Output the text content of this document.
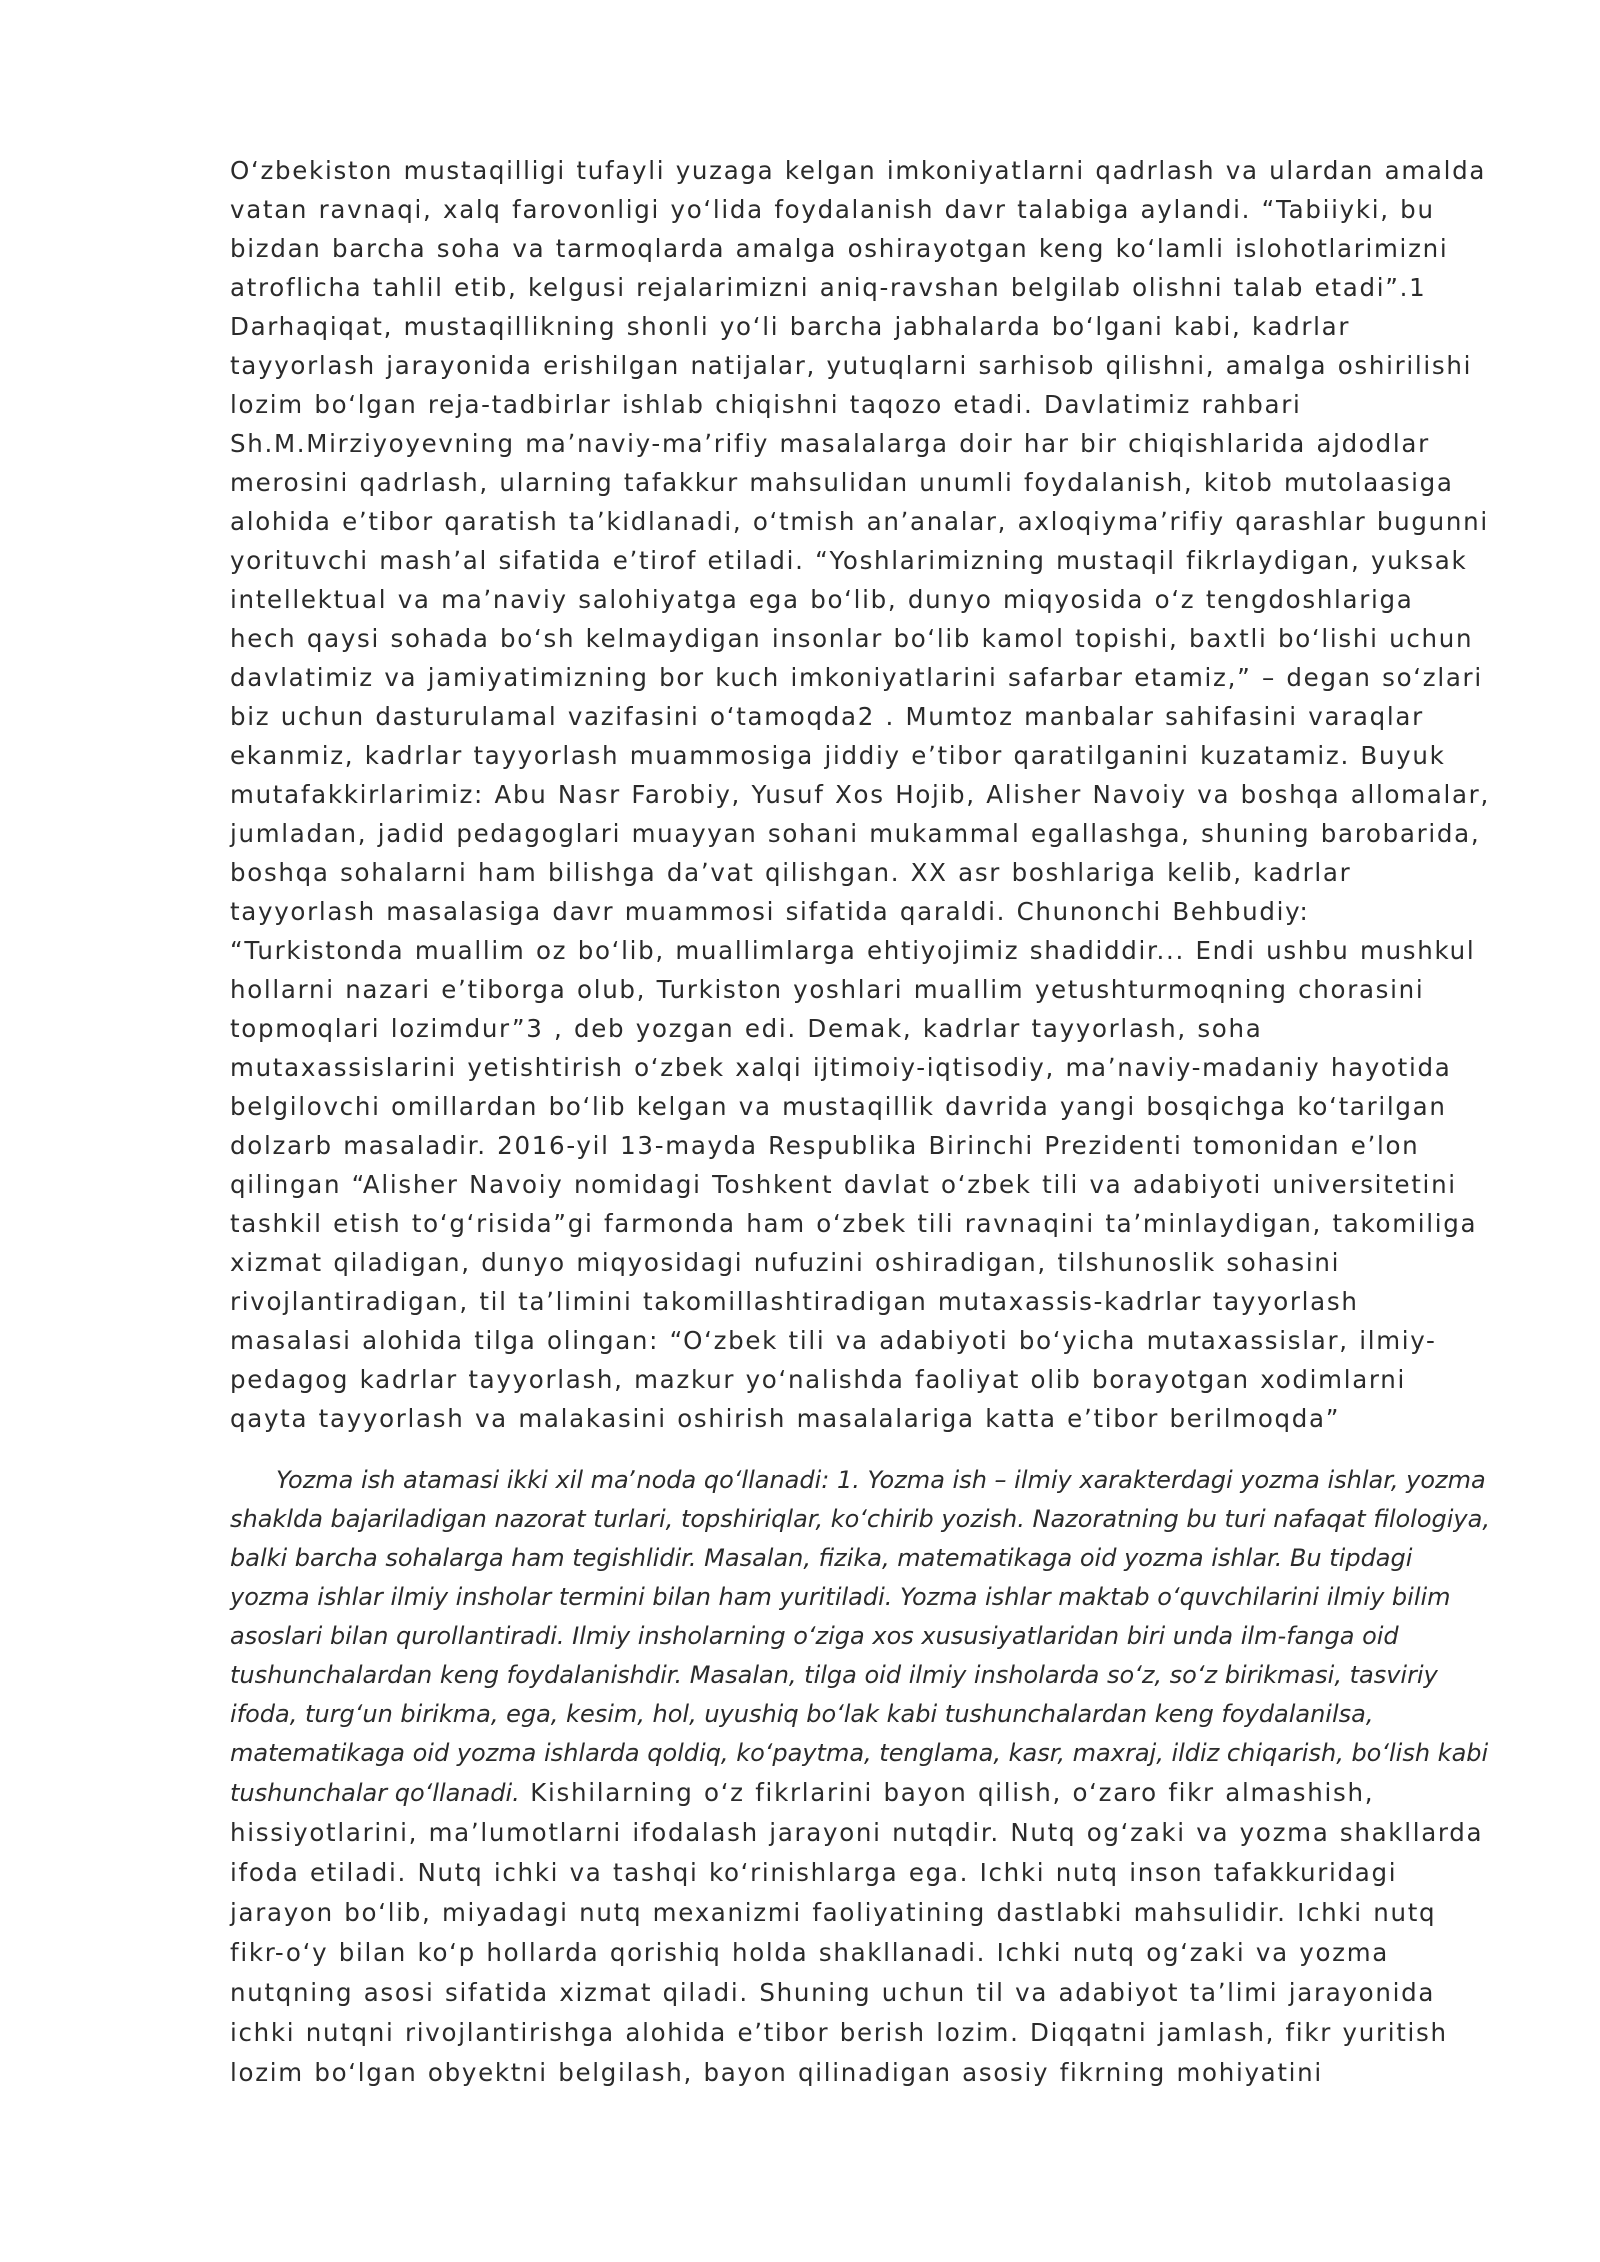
Oʻzbekiston mustaqilligi tufayli yuzaga kelgan imkoniyatlarni qadrlash va ulardan amalda vatan ravnaqi, xalq farovonligi yoʻlida foydalanish davr talabiga aylandi. “Tabiiyki, bu bizdan barcha soha va tarmoqlarda amalga oshirayotgan keng koʻlamli islohotlarimizni atroflicha tahlil etib, kelgusi rejalarimizni aniq-ravshan belgilab olishni talab etadi”.1 Darhaqiqat, mustaqillikning shonli yoʻli barcha jabhalarda boʻlgani kabi, kadrlar tayyorlash jarayonida erishilgan natijalar, yutuqlarni sarhisob qilishni, amalga oshirilishi lozim boʻlgan reja-tadbirlar ishlab chiqishni taqozo etadi. Davlatimiz rahbari Sh.M.Mirziyoyevning maʼnaviy-maʼrifiy masalalarga doir har bir chiqishlarida ajdodlar merosini qadrlash, ularning tafakkur mahsulidan unumli foydalanish, kitob mutolaasiga alohida eʼtibor qaratish taʼkidlanadi, oʻtmish anʼanalar, axloqiymaʼrifiy qarashlar bugunni yorituvchi mashʼal sifatida eʼtirof etiladi. “Yoshlarimizning mustaqil fikrlaydigan, yuksak intellektual va maʼnaviy salohiyatga ega boʻlib, dunyo miqyosida oʻz tengdoshlariga hech qaysi sohada boʻsh kelmaydigan insonlar boʻlib kamol topishi, baxtli boʻlishi uchun davlatimiz va jamiyatimizning bor kuch imkoniyatlarini safarbar etamiz,” – degan soʻzlari biz uchun dasturulamal vazifasini oʻtamoqda2 . Mumtoz manbalar sahifasini varaqlar ekanmiz, kadrlar tayyorlash muammosiga jiddiy eʼtibor qaratilganini kuzatamiz. Buyuk mutafakkirlarimiz: Abu Nasr Farobiy, Yusuf Xos Hojib, Alisher Navoiy va boshqa allomalar, jumladan, jadid pedagoglari muayyan sohani mukammal egallashga, shuning barobarida, boshqa sohalarni ham bilishga daʼvat qilishgan. XX asr boshlariga kelib, kadrlar tayyorlash masalasiga davr muammosi sifatida qaraldi. Chunonchi Behbudiy: “Turkistonda muallim oz boʻlib, muallimlarga ehtiyojimiz shadiddir... Endi ushbu mushkul hollarni nazari eʼtiborga olub, Turkiston yoshlari muallim yetushturmoqning chorasini topmoqlari lozimdur”3 , deb yozgan edi. Demak, kadrlar tayyorlash, soha mutaxassislarini yetishtirish oʻzbek xalqi ijtimoiy-iqtisodiy, maʼnaviy-madaniy hayotida belgilovchi omillardan boʻlib kelgan va mustaqillik davrida yangi bosqichga koʻtarilgan dolzarb masaladir. 2016-yil 13-mayda Respublika Birinchi Prezidenti tomonidan eʼlon qilingan “Alisher Navoiy nomidagi Toshkent davlat oʻzbek tili va adabiyoti universitetini tashkil etish toʻgʻrisida”gi farmonda ham oʻzbek tili ravnaqini taʼminlaydigan, takomiliga xizmat qiladigan, dunyo miqyosidagi nufuzini oshiradigan, tilshunoslik sohasini rivojlantiradigan, til taʼlimini takomillashtiradigan mutaxassis-kadrlar tayyorlash masalasi alohida tilga olingan: “Oʻzbek tili va adabiyoti boʻyicha mutaxassislar, ilmiy-pedagog kadrlar tayyorlash, mazkur yoʻnalishda faoliyat olib borayotgan xodimlarni qayta tayyorlash va malakasini oshirish masalalariga katta eʼtibor berilmoqda”

Yozma ish atamasi ikki xil maʼnoda qoʻllanadi: 1. Yozma ish – ilmiy xarakterdagi yozma ishlar, yozma shaklda bajariladigan nazorat turlari, topshiriqlar, koʻchirib yozish. Nazoratning bu turi nafaqat filologiya, balki barcha sohalarga ham tegishlidir. Masalan, fizika, matematikaga oid yozma ishlar. Bu tipdagi yozma ishlar ilmiy insholar termini bilan ham yuritiladi. Yozma ishlar maktab oʻquvchilarini ilmiy bilim asoslari bilan qurollantiradi. Ilmiy insholarning oʻziga xos xususiyatlaridan biri unda ilm-fanga oid tushunchalardan keng foydalanishdir. Masalan, tilga oid ilmiy insholarda soʻz, soʻz birikmasi, tasviriy ifoda, turgʻun birikma, ega, kesim, hol, uyushiq boʻlak kabi tushunchalardan keng foydalanilsa, matematikaga oid yozma ishlarda qoldiq, koʻpaytma, tenglama, kasr, maxraj, ildiz chiqarish, boʻlish kabi tushunchalar qoʻllanadi. Kishilarning oʻz fikrlarini bayon qilish, oʻzaro fikr almashish, hissiyotlarini, maʼlumotlarni ifodalash jarayoni nutqdir. Nutq ogʻzaki va yozma shakllarda ifoda etiladi. Nutq ichki va tashqi koʻrinishlarga ega. Ichki nutq inson tafakkuridagi jarayon boʻlib, miyadagi nutq mexanizmi faoliyatining dastlabki mahsulidir. Ichki nutq fikr-oʻy bilan koʻp hollarda qorishiq holda shakllanadi. Ichki nutq ogʻzaki va yozma nutqning asosi sifatida xizmat qiladi. Shuning uchun til va adabiyot taʼlimi jarayonida ichki nutqni rivojlantirishga alohida eʼtibor berish lozim. Diqqatni jamlash, fikr yuritish lozim boʻlgan obyektni belgilash, bayon qilinadigan asosiy fikrning mohiyatini
